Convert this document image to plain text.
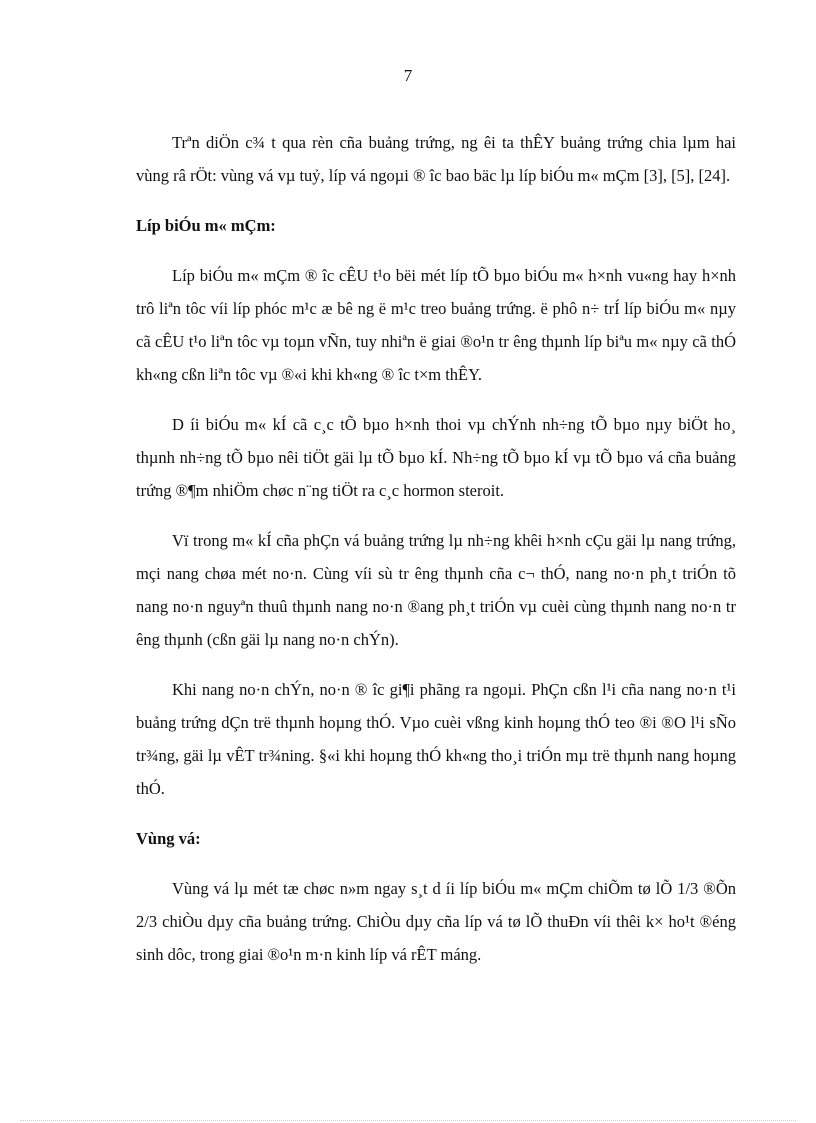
7

Trªn diÖn c¾ t qua rèn cña buảng trứng, ng êi ta thÊY buảng trứng chia lµm hai vùng râ rÖt: vùng vá vµ tuỷ, líp vá ngoµi ® îc bao bäc lµ líp biÓu m« mÇm [3], [5], [24].

Líp biÓu m« mÇm:

Líp biÓu m« mÇm ® îc cÊU t¹o bëi mét líp tÕ bµo biÓu m« h×nh vu«ng hay h×nh trô liªn tôc víi líp phóc m¹c æ bê ng ë m¹c treo buảng trứng. ë phô n÷ trÍ líp biÓu m« nµy cã cÊU t¹o liªn tôc vµ toµn vÑn, tuy nhiªn ë giai ®o¹n tr êng thµnh líp biªu m« nµy cã thÓ kh«ng cßn liªn tôc vµ ®«i khi kh«ng ® îc t×m thÊY.

D íi biÓu m« kÍ cã c¸c tÕ bµo h×nh thoi vµ chÝnh nh÷ng tÕ bµo nµy biÖt ho¸ thµnh nh÷ng tÕ bµo nêi tiÖt gäi lµ tÕ bµo kÍ. Nh÷ng tÕ bµo kÍ vµ tÕ bµo vá cña buảng trứng ®¶m nhiÖm chøc n¨ng tiÖt ra c¸c hormon steroit.

Vï trong m« kÍ cña phÇn vá buảng trứng lµ nh÷ng khêi h×nh cÇu gäi lµ nang trứng, mçi nang chøa mét no·n. Cùng víi sù tr êng thµnh cña c¬ thÓ, nang no·n ph¸t triÓn tõ nang no·n nguyªn thuû thµnh nang no·n ®ang ph¸t triÓn vµ cuèi cùng thµnh nang no·n tr êng thµnh (cßn gäi lµ nang no·n chÝn).

Khi nang no·n chÝn, no·n ® îc gi¶i phãng ra ngoµi. PhÇn cßn l¹i cña nang no·n t¹i buảng trứng dÇn trë thµnh hoµng thÓ. Vµo cuèi vßng kinh hoµng thÓ teo ®i ®O l¹i sÑo tr¾ng, gäi lµ vÊT tr¾ning. §«i khi hoµng thÓ kh«ng tho¸i triÓn mµ trë thµnh nang hoµng thÓ.

Vùng vá:

Vùng vá lµ mét tæ chøc n»m ngay s¸t d íi líp biÓu m« mÇm chiÕm tø lÕ 1/3 ®Õn 2/3 chiÒu dµy cña buảng trứng. ChiÒu dµy cña líp vá tø lÕ thuÐn víi thêi k× ho¹t ®éng sinh dôc, trong giai ®o¹n m·n kinh líp vá rÊT máng.
